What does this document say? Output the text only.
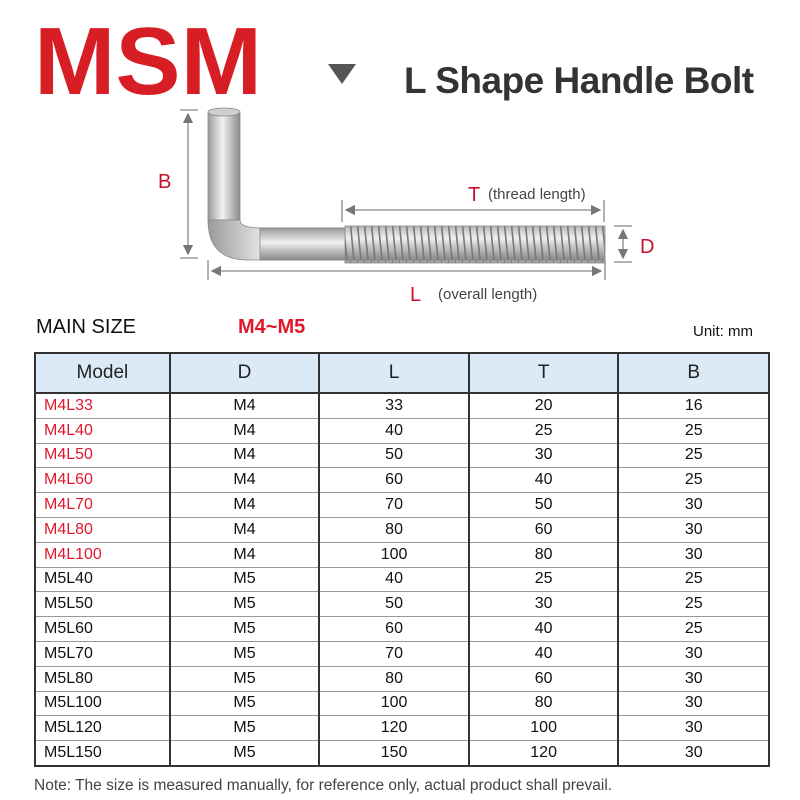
MSM	L Shape Handle Bolt
B
T (thread length)
D
L (overall length)
MAIN SIZE	M4~M5	Unit: mm
Model	D	L	T	B
M4L33	M4	33	20	16
M4L40	M4	40	25	25
M4L50	M4	50	30	25
M4L60	M4	60	40	25
M4L70	M4	70	50	30
M4L80	M4	80	60	30
M4L100	M4	100	80	30
M5L40	M5	40	25	25
M5L50	M5	50	30	25
M5L60	M5	60	40	25
M5L70	M5	70	40	30
M5L80	M5	80	60	30
M5L100	M5	100	80	30
M5L120	M5	120	100	30
M5L150	M5	150	120	30
Note: The size is measured manually, for reference only, actual product shall prevail.
